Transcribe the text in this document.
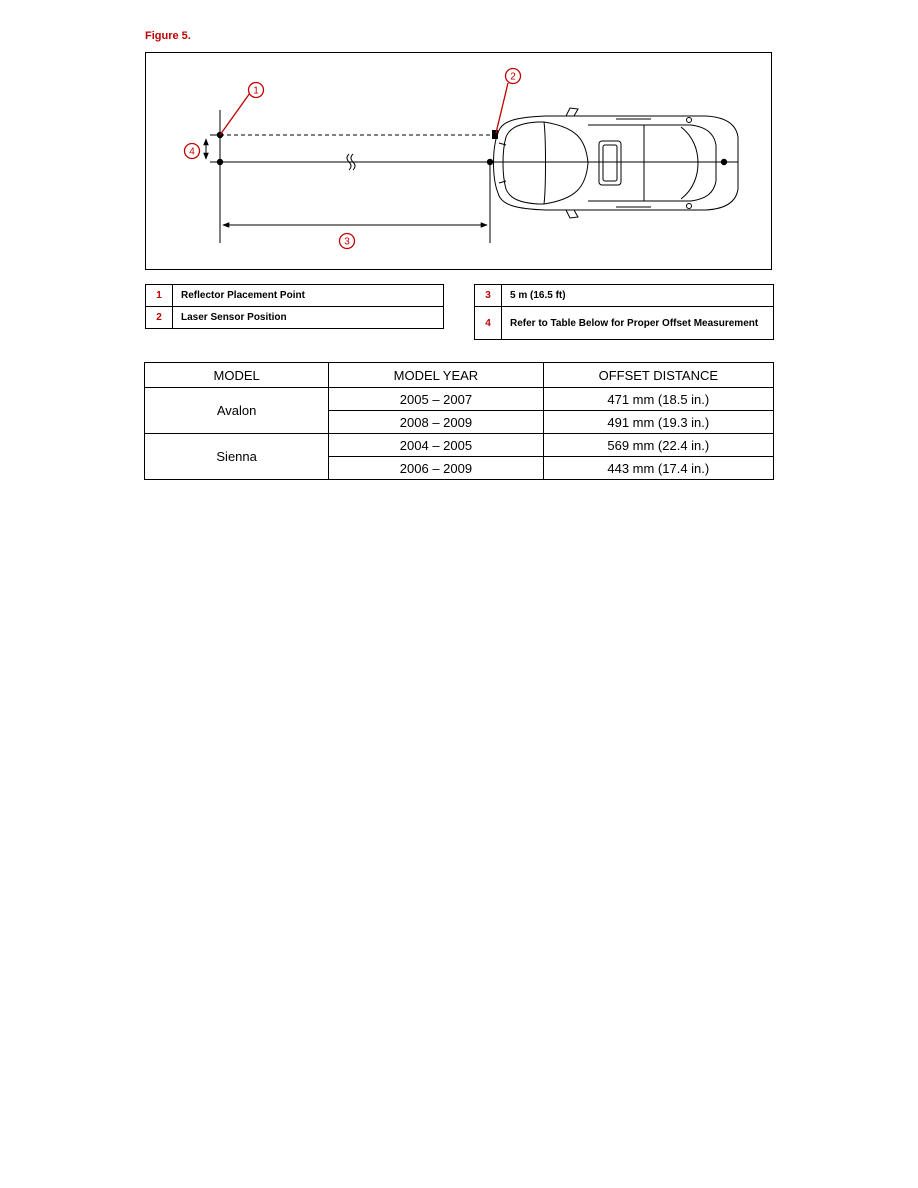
Figure 5.
1
2
3
4
1	Reflector Placement Point
2	Laser Sensor Position
3	5 m (16.5 ft)
4	Refer to Table Below for Proper Offset Measurement
MODEL	MODEL YEAR	OFFSET DISTANCE
Avalon	2005 – 2007	471 mm (18.5 in.)
	2008 – 2009	491 mm (19.3 in.)
Sienna	2004 – 2005	569 mm (22.4 in.)
	2006 – 2009	443 mm (17.4 in.)
